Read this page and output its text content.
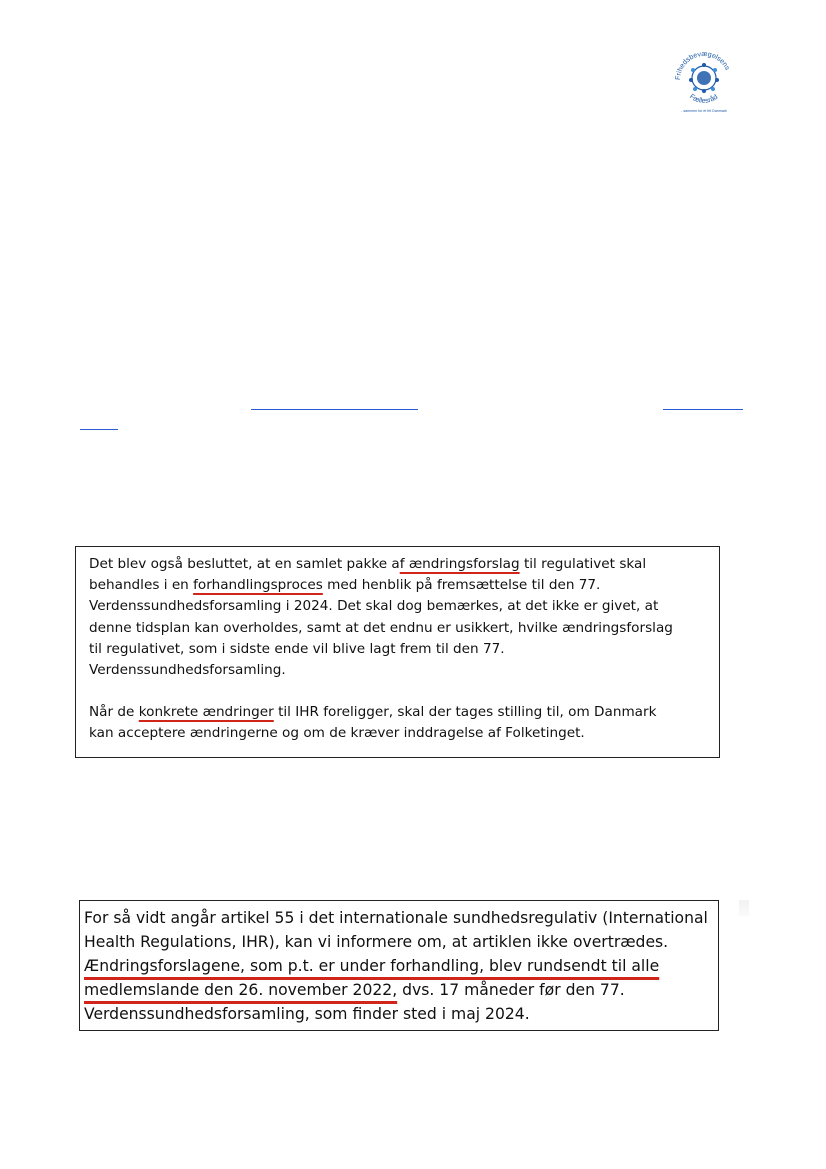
Frihedsbevægelsens
Fællesråd
- sammen for et frit Danmark

Det blev også besluttet, at en samlet pakke af ændringsforslag til regulativet skal

behandles i en forhandlingsproces med henblik på fremsættelse til den 77.

Verdenssundhedsforsamling i 2024. Det skal dog bemærkes, at det ikke er givet, at

denne tidsplan kan overholdes, samt at det endnu er usikkert, hvilke ændringsforslag

til regulativet, som i sidste ende vil blive lagt frem til den 77.

Verdenssundhedsforsamling.

Når de konkrete ændringer til IHR foreligger, skal der tages stilling til, om Danmark

kan acceptere ændringerne og om de kræver inddragelse af Folketinget.

For så vidt angår artikel 55 i det internationale sundhedsregulativ (International

Health Regulations, IHR), kan vi informere om, at artiklen ikke overtrædes.

Ændringsforslagene, som p.t. er under forhandling, blev rundsendt til alle

medlemslande den 26. november 2022, dvs. 17 måneder før den 77.

Verdenssundhedsforsamling, som finder sted i maj 2024.
